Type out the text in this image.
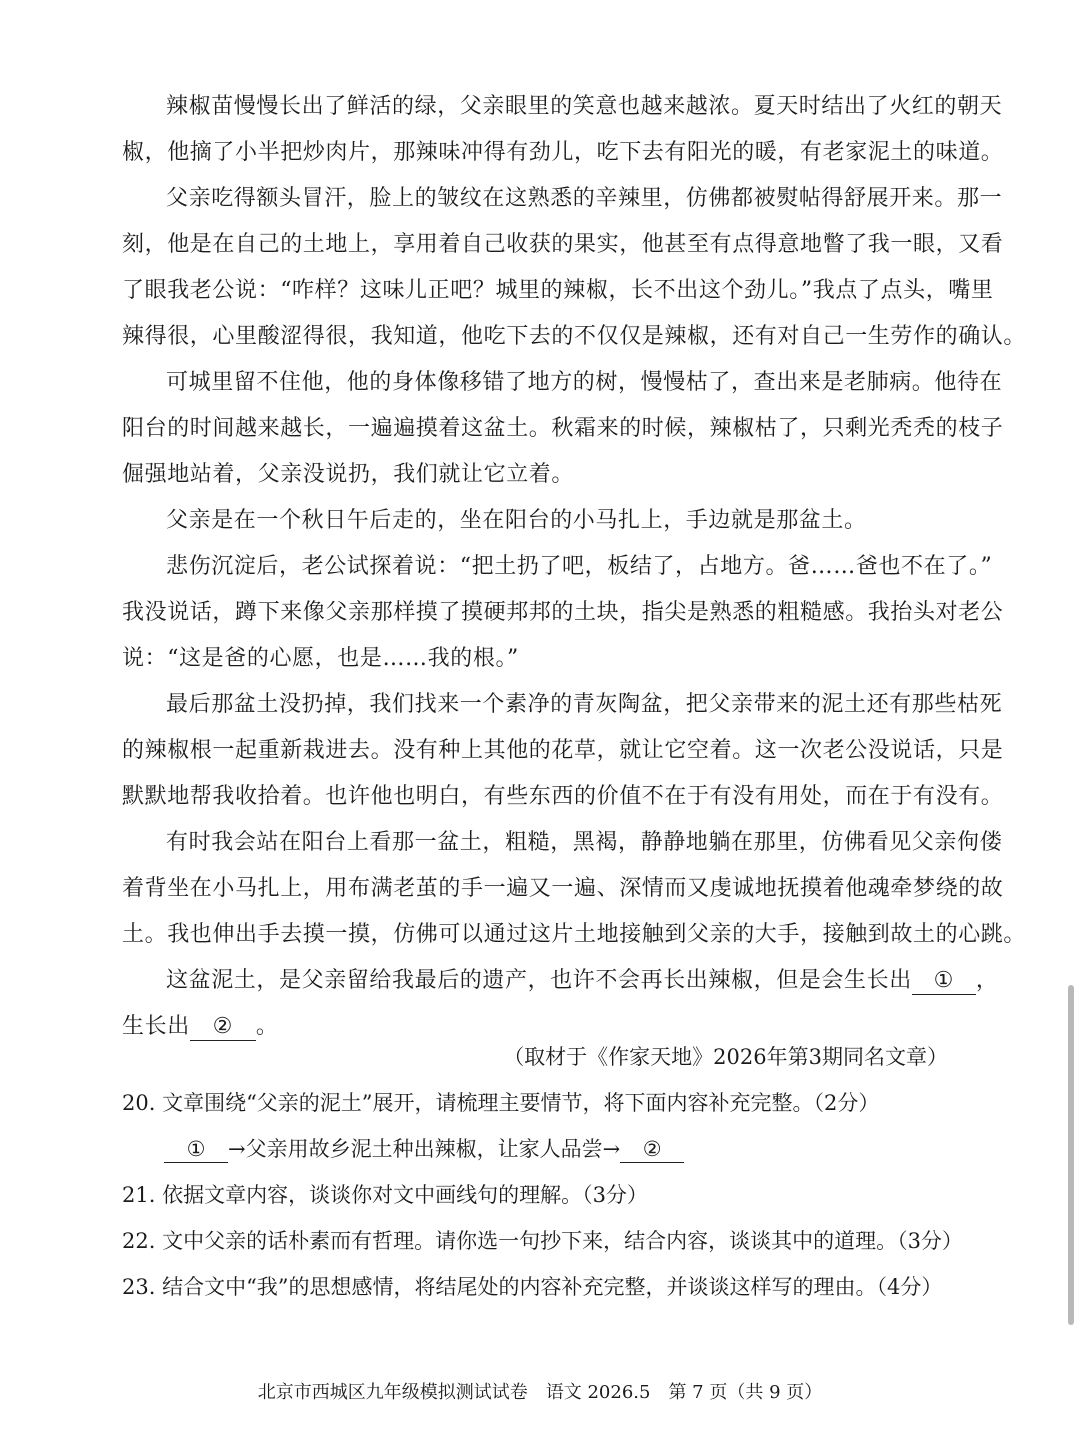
辣椒苗慢慢长出了鲜活的绿，父亲眼里的笑意也越来越浓。夏天时结出了火红的朝天
椒，他摘了小半把炒肉片，那辣味冲得有劲儿，吃下去有阳光的暖，有老家泥土的味道。
父亲吃得额头冒汗，脸上的皱纹在这熟悉的辛辣里，仿佛都被熨帖得舒展开来。那一
刻，他是在自己的土地上，享用着自己收获的果实，他甚至有点得意地瞥了我一眼，又看
了眼我老公说：“咋样？这味儿正吧？城里的辣椒，长不出这个劲儿。”我点了点头，嘴里
辣得很，心里酸涩得很，我知道，他吃下去的不仅仅是辣椒，还有对自己一生劳作的确认。
可城里留不住他，他的身体像移错了地方的树，慢慢枯了，查出来是老肺病。他待在
阳台的时间越来越长，一遍遍摸着这盆土。秋霜来的时候，辣椒枯了，只剩光秃秃的枝子
倔强地站着，父亲没说扔，我们就让它立着。
父亲是在一个秋日午后走的，坐在阳台的小马扎上，手边就是那盆土。
悲伤沉淀后，老公试探着说：“把土扔了吧，板结了，占地方。爸……爸也不在了。”
我没说话，蹲下来像父亲那样摸了摸硬邦邦的土块，指尖是熟悉的粗糙感。我抬头对老公
说：“这是爸的心愿，也是……我的根。”
最后那盆土没扔掉，我们找来一个素净的青灰陶盆，把父亲带来的泥土还有那些枯死
的辣椒根一起重新栽进去。没有种上其他的花草，就让它空着。这一次老公没说话，只是
默默地帮我收拾着。也许他也明白，有些东西的价值不在于有没有用处，而在于有没有。
有时我会站在阳台上看那一盆土，粗糙，黑褐，静静地躺在那里，仿佛看见父亲佝偻
着背坐在小马扎上，用布满老茧的手一遍又一遍、深情而又虔诚地抚摸着他魂牵梦绕的故
土。我也伸出手去摸一摸，仿佛可以通过这片土地接触到父亲的大手，接触到故土的心跳。
这盆泥土，是父亲留给我最后的遗产，也许不会再长出辣椒，但是会生长出 ① ，
生长出 ② 。
（取材于《作家天地》2026年第3期同名文章）
20. 文章围绕“父亲的泥土”展开，请梳理主要情节，将下面内容补充完整。（2分）
① →父亲用故乡泥土种出辣椒，让家人品尝→ ②
21. 依据文章内容，谈谈你对文中画线句的理解。（3分）
22. 文中父亲的话朴素而有哲理。请你选一句抄下来，结合内容，谈谈其中的道理。（3分）
23. 结合文中“我”的思想感情，将结尾处的内容补充完整，并谈谈这样写的理由。（4分）
北京市西城区九年级模拟测试试卷　语文 2026.5　第 7 页（共 9 页）
